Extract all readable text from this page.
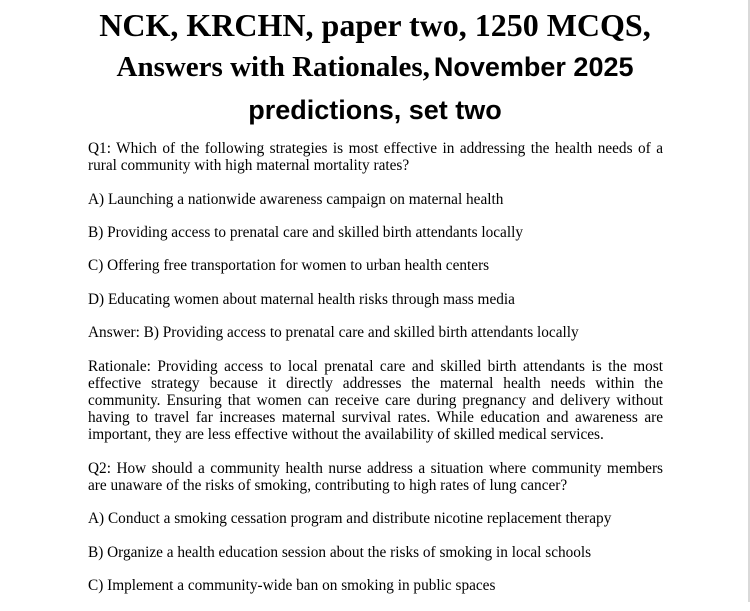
NCK, KRCHN, paper two, 1250 MCQS,
Answers with Rationales, November 2025
predictions, set two

Q1: Which of the following strategies is most effective in addressing the health needs of a rural community with high maternal mortality rates?

A) Launching a nationwide awareness campaign on maternal health

B) Providing access to prenatal care and skilled birth attendants locally

C) Offering free transportation for women to urban health centers

D) Educating women about maternal health risks through mass media

Answer: B) Providing access to prenatal care and skilled birth attendants locally

Rationale: Providing access to local prenatal care and skilled birth attendants is the most effective strategy because it directly addresses the maternal health needs within the community. Ensuring that women can receive care during pregnancy and delivery without having to travel far increases maternal survival rates. While education and awareness are important, they are less effective without the availability of skilled medical services.

Q2: How should a community health nurse address a situation where community members are unaware of the risks of smoking, contributing to high rates of lung cancer?

A) Conduct a smoking cessation program and distribute nicotine replacement therapy

B) Organize a health education session about the risks of smoking in local schools

C) Implement a community-wide ban on smoking in public spaces
